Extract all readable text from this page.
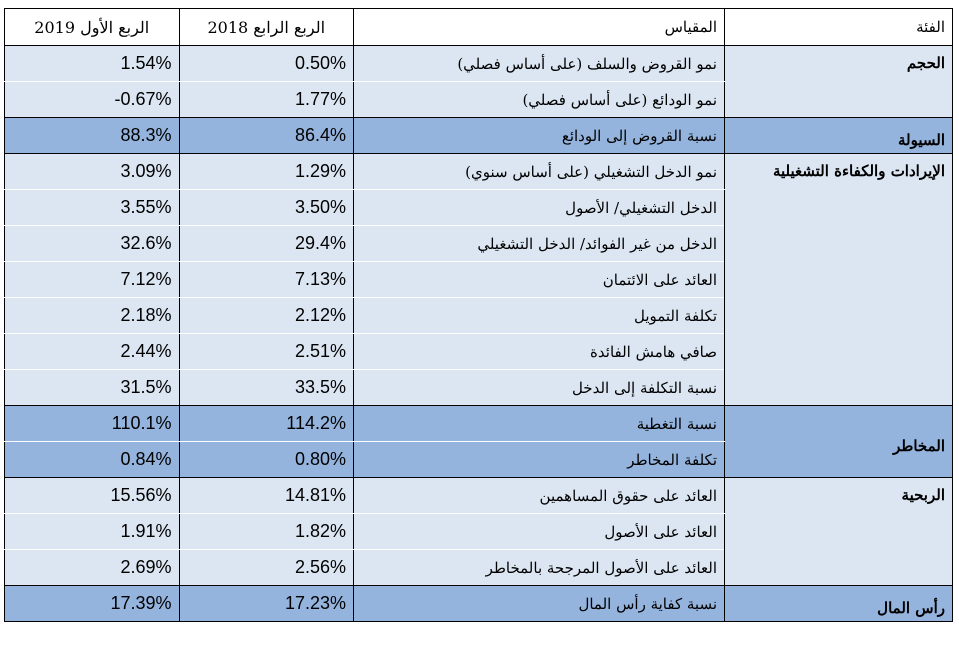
الربع الأول 2019	الربع الرابع 2018	المقياس	الفئة
1.54%	0.50%	نمو القروض والسلف (على أساس فصلي)	الحجم
-0.67%	1.77%	نمو الودائع (على أساس فصلي)	
88.3%	86.4%	نسبة القروض إلى الودائع	السيولة
3.09%	1.29%	نمو الدخل التشغيلي (على أساس سنوي)	الإيرادات والكفاءة التشغيلية
3.55%	3.50%	الدخل التشغيلي/ الأصول	
32.6%	29.4%	الدخل من غير الفوائد/ الدخل التشغيلي	
7.12%	7.13%	العائد على الائتمان	
2.18%	2.12%	تكلفة التمويل	
2.44%	2.51%	صافي هامش الفائدة	
31.5%	33.5%	نسبة التكلفة إلى الدخل	
110.1%	114.2%	نسبة التغطية	المخاطر
0.84%	0.80%	تكلفة المخاطر	
15.56%	14.81%	العائد على حقوق المساهمين	الربحية
1.91%	1.82%	العائد على الأصول	
2.69%	2.56%	العائد على الأصول المرجحة بالمخاطر	
17.39%	17.23%	نسبة كفاية رأس المال	رأس المال
